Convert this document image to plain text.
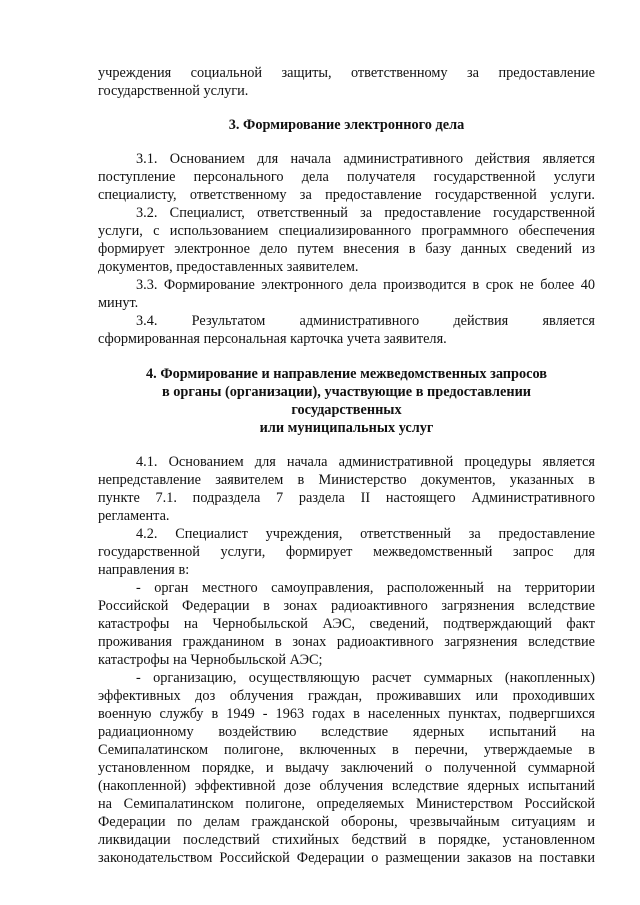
учреждения социальной защиты, ответственному за предоставление
государственной услуги.
3. Формирование электронного дела
3.1. Основанием для начала административного действия является
поступление персонального дела получателя государственной услуги
специалисту, ответственному за предоставление государственной услуги.
3.2. Специалист, ответственный за предоставление государственной
услуги, с использованием специализированного программного обеспечения
формирует электронное дело путем внесения в базу данных сведений из
документов, предоставленных заявителем.
3.3. Формирование электронного дела производится в срок не более 40
минут.
3.4. Результатом административного действия является
сформированная персональная карточка учета заявителя.
4. Формирование и направление межведомственных запросов
в органы (организации), участвующие в предоставлении
государственных
или муниципальных услуг
4.1. Основанием для начала административной процедуры является
непредставление заявителем в Министерство документов, указанных в
пункте 7.1. подраздела 7 раздела II настоящего Административного
регламента.
4.2. Специалист учреждения, ответственный за предоставление
государственной услуги, формирует межведомственный запрос для
направления в:
- орган местного самоуправления, расположенный на территории
Российской Федерации в зонах радиоактивного загрязнения вследствие
катастрофы на Чернобыльской АЭС, сведений, подтверждающий факт
проживания гражданином в зонах радиоактивного загрязнения вследствие
катастрофы на Чернобыльской АЭС;
- организацию, осуществляющую расчет суммарных (накопленных)
эффективных доз облучения граждан, проживавших или проходивших
военную службу в 1949 - 1963 годах в населенных пунктах, подвергшихся
радиационному воздействию вследствие ядерных испытаний на
Семипалатинском полигоне, включенных в перечни, утверждаемые в
установленном порядке, и выдачу заключений о полученной суммарной
(накопленной) эффективной дозе облучения вследствие ядерных испытаний
на Семипалатинском полигоне, определяемых Министерством Российской
Федерации по делам гражданской обороны, чрезвычайным ситуациям и
ликвидации последствий стихийных бедствий в порядке, установленном
законодательством Российской Федерации о размещении заказов на поставки
